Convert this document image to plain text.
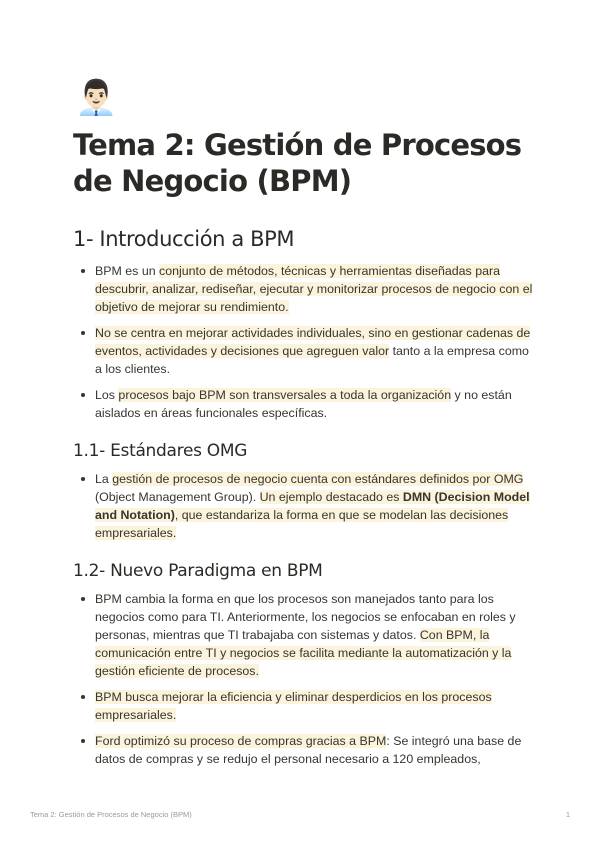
👨🏻‍💼
Tema 2: Gestión de Procesos de Negocio (BPM)
1- Introducción a BPM
BPM es un conjunto de métodos, técnicas y herramientas diseñadas para descubrir, analizar, rediseñar, ejecutar y monitorizar procesos de negocio con el objetivo de mejorar su rendimiento.
No se centra en mejorar actividades individuales, sino en gestionar cadenas de eventos, actividades y decisiones que agreguen valor tanto a la empresa como a los clientes.
Los procesos bajo BPM son transversales a toda la organización y no están aislados en áreas funcionales específicas.
1.1- Estándares OMG
La gestión de procesos de negocio cuenta con estándares definidos por OMG (Object Management Group). Un ejemplo destacado es DMN (Decision Model and Notation), que estandariza la forma en que se modelan las decisiones empresariales.
1.2- Nuevo Paradigma en BPM
BPM cambia la forma en que los procesos son manejados tanto para los negocios como para TI. Anteriormente, los negocios se enfocaban en roles y personas, mientras que TI trabajaba con sistemas y datos. Con BPM, la comunicación entre TI y negocios se facilita mediante la automatización y la gestión eficiente de procesos.
BPM busca mejorar la eficiencia y eliminar desperdicios en los procesos empresariales.
Ford optimizó su proceso de compras gracias a BPM: Se integró una base de datos de compras y se redujo el personal necesario a 120 empleados,
Tema 2: Gestión de Procesos de Negocio (BPM)	1
